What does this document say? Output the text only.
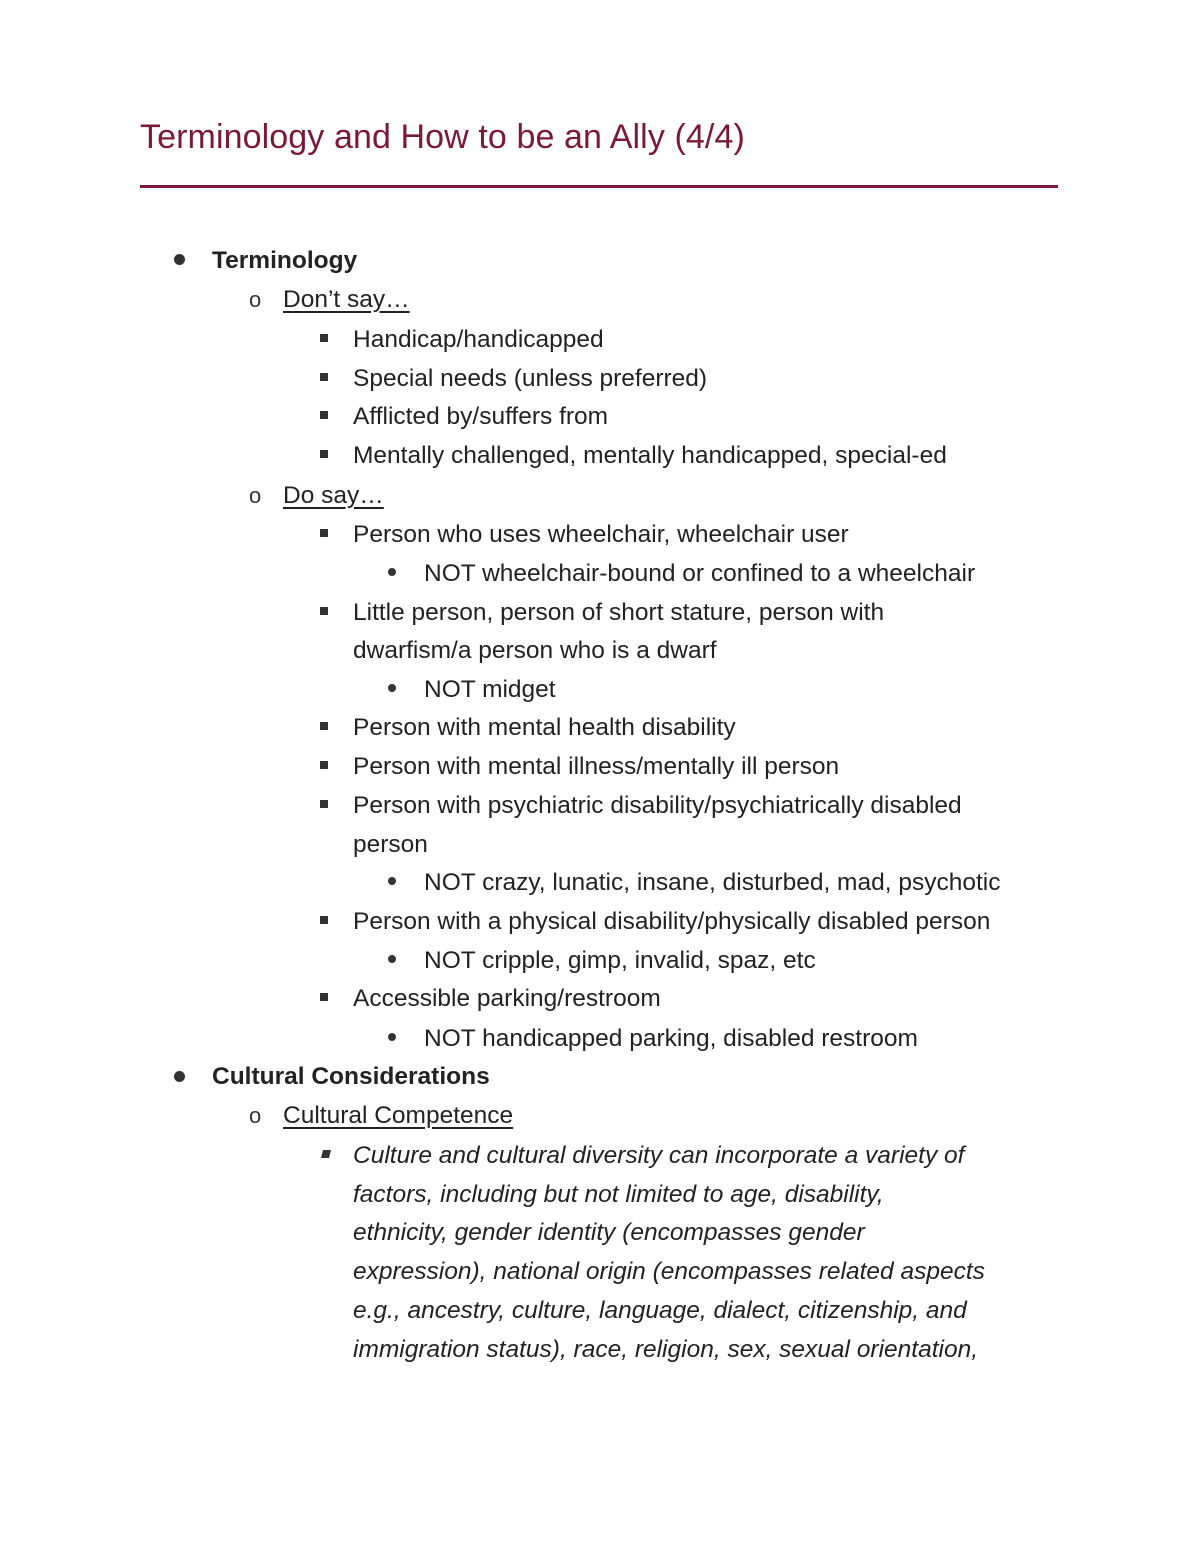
Terminology and How to be an Ally (4/4)
Terminology
o Don’t say…
Handicap/handicapped
Special needs (unless preferred)
Afflicted by/suffers from
Mentally challenged, mentally handicapped, special-ed
o Do say…
Person who uses wheelchair, wheelchair user
NOT wheelchair-bound or confined to a wheelchair
Little person, person of short stature, person with
dwarfism/a person who is a dwarf
NOT midget
Person with mental health disability
Person with mental illness/mentally ill person
Person with psychiatric disability/psychiatrically disabled
person
NOT crazy, lunatic, insane, disturbed, mad, psychotic
Person with a physical disability/physically disabled person
NOT cripple, gimp, invalid, spaz, etc
Accessible parking/restroom
NOT handicapped parking, disabled restroom
Cultural Considerations
o Cultural Competence
Culture and cultural diversity can incorporate a variety of
factors, including but not limited to age, disability,
ethnicity, gender identity (encompasses gender
expression), national origin (encompasses related aspects
e.g., ancestry, culture, language, dialect, citizenship, and
immigration status), race, religion, sex, sexual orientation,
